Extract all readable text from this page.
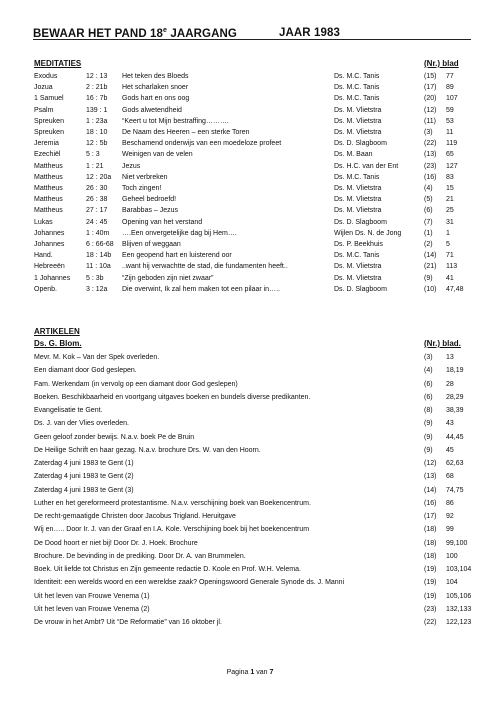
BEWAAR HET PAND 18e JAARGANG	JAAR 1983
MEDITATIES	(Nr.) blad
Exodus	12 : 13	Het teken des Bloeds	Ds. M.C. Tanis	(15)	77
Jozua	2 : 21b	Het scharlaken snoer	Ds. M.C. Tanis	(17)	89
1 Samuel	16 : 7b	Gods hart en ons oog	Ds. M.C. Tanis	(20)	107
Psalm	139 : 1	Gods alwetendheid	Ds. M. Vlietstra	(12)	59
Spreuken	1 : 23a	“Keert u tot Mijn bestraffing……….	Ds. M. Vlietstra	(11)	53
Spreuken	18 : 10	De Naam des Heeren – een sterke Toren	Ds. M. Vlietstra	(3)	11
Jeremia	12 : 5b	Beschamend onderwijs van een moedeloze profeet	Ds. D. Slagboom	(22)	119
Ezechiël	5 : 3	Weinigen van de velen	Ds. M. Baan	(13)	65
Mattheus	1 : 21	Jezus	Ds. H.C. van der Ent	(23)	127
Mattheus	12 : 20a	Niet verbreken	Ds. M.C. Tanis	(16)	83
Mattheus	26 : 30	Toch zingen!	Ds. M. Vlietstra	(4)	15
Mattheus	26 : 38	Geheel bedroefd!	Ds. M. Vlietstra	(5)	21
Mattheus	27 : 17	Barabbas – Jezus	Ds. M. Vlietstra	(6)	25
Lukas	24 : 45	Opening van het verstand	Ds. D. Slagboom	(7)	31
Johannes	1 : 40m	….Een onvergetelijke dag bij Hem….	Wijlen Ds. N. de Jong	(1)	1
Johannes	6 : 66-68	Blijven of weggaan	Ds. P. Beekhuis	(2)	5
Hand.	18 : 14b	Een geopend hart en luisterend oor	Ds. M.C. Tanis	(14)	71
Hebreeën	11 : 10a	..want hij verwachtte de stad, die fundamenten heeft..	Ds. M. Vlietstra	(21)	113
1 Johannes	5 : 3b	“Zijn geboden zijn niet zwaar”	Ds. M. Vlietstra	(9)	41
Openb.	3 : 12a	Die overwint, Ik zal hem maken tot een pilaar in…..	Ds. D. Slagboom	(10)	47,48
ARTIKELEN
Ds. G. Blom.	(Nr.) blad.
Mevr. M. Kok – Van der Spek overleden.	(3)	13
Een diamant door God geslepen.	(4)	18,19
Fam. Werkendam (in vervolg op een diamant door God geslepen)	(6)	28
Boeken. Beschikbaarheid en voortgang uitgaves boeken en bundels diverse predikanten.	(6)	28,29
Evangelisatie te Gent.	(8)	38,39
Ds. J. van der Vlies overleden.	(9)	43
Geen geloof zonder bewijs. N.a.v. boek Pe de Bruin	(9)	44,45
De Heilige Schrift en haar gezag. N.a.v. brochure Drs. W. van den Hoorn.	(9)	45
Zaterdag 4 juni 1983 te Gent (1)	(12)	62,63
Zaterdag 4 juni 1983 te Gent (2)	(13)	68
Zaterdag 4 juni 1983 te Gent (3)	(14)	74,75
Luther en het gereformeerd protestantisme. N.a.v. verschijning boek van Boekencentrum.	(16)	86
De recht-gemaatigde Christen door Jacobus Trigland. Heruitgave	(17)	92
Wij en….. Door Ir. J. van der Graaf en I.A. Kole. Verschijning boek bij het boekencentrum	(18)	99
De Dood hoort er niet bij! Door Dr. J. Hoek. Brochure	(18)	99,100
Brochure. De bevinding in de prediking. Door Dr. A. van Brummelen.	(18)	100
Boek. Uit liefde tot Christus en Zijn gemeente redactie D. Koole en Prof. W.H. Velema.	(19)	103,104
Identiteit: een werelds woord en een wereldse zaak? Openingswoord Generale Synode ds. J. Manni	(19)	104
Uit het leven van Frouwe Venema (1)	(19)	105,106
Uit het leven van Frouwe Venema (2)	(23)	132,133
De vrouw in het Ambt? Uit “De Reformatie” van 16 oktober jl.	(22)	122,123
Pagina 1 van 7
